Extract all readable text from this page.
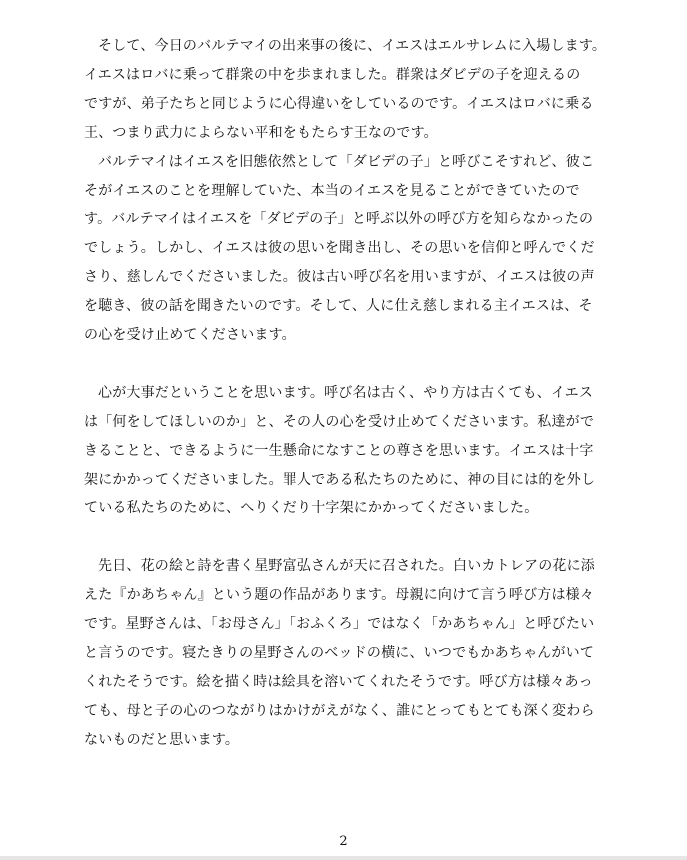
そして、今日のバルテマイの出来事の後に、イエスはエルサレムに入場します。
イエスはロバに乗って群衆の中を歩まれました。群衆はダビデの子を迎えるの
ですが、弟子たちと同じように心得違いをしているのです。イエスはロバに乗る
王、つまり武力によらない平和をもたらす王なのです。

バルテマイはイエスを旧態依然として「ダビデの子」と呼びこそすれど、彼こ
そがイエスのことを理解していた、本当のイエスを見ることができていたので
す。バルテマイはイエスを「ダビデの子」と呼ぶ以外の呼び方を知らなかったの
でしょう。しかし、イエスは彼の思いを聞き出し、その思いを信仰と呼んでくだ
さり、慈しんでくださいました。彼は古い呼び名を用いますが、イエスは彼の声
を聴き、彼の話を聞きたいのです。そして、人に仕え慈しまれる主イエスは、そ
の心を受け止めてくださいます。

心が大事だということを思います。呼び名は古く、やり方は古くても、イエス
は「何をしてほしいのか」と、その人の心を受け止めてくださいます。私達がで
きることと、できるように一生懸命になすことの尊さを思います。イエスは十字
架にかかってくださいました。罪人である私たちのために、神の目には的を外し
ている私たちのために、へりくだり十字架にかかってくださいました。

先日、花の絵と詩を書く星野富弘さんが天に召された。白いカトレアの花に添
えた『かあちゃん』という題の作品があります。母親に向けて言う呼び方は様々
です。星野さんは、「お母さん」「おふくろ」ではなく「かあちゃん」と呼びたい
と言うのです。寝たきりの星野さんのベッドの横に、いつでもかあちゃんがいて
くれたそうです。絵を描く時は絵具を溶いてくれたそうです。呼び方は様々あっ
ても、母と子の心のつながりはかけがえがなく、誰にとってもとても深く変わら
ないものだと思います。

2
